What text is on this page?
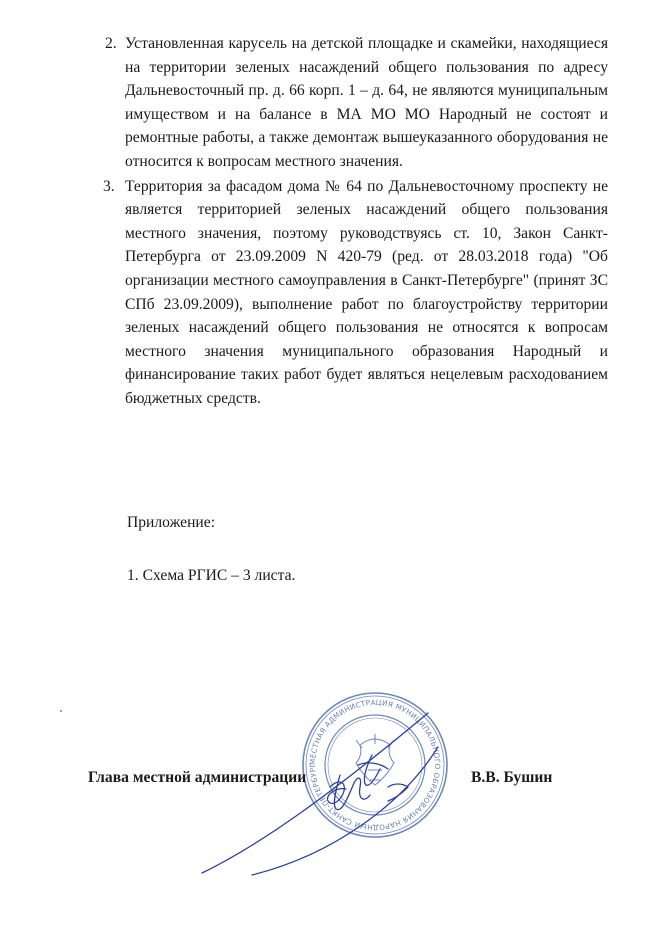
2. Установленная карусель на детской площадке и скамейки, находящиеся на территории зеленых насаждений общего пользования по адресу Дальневосточный пр. д. 66 корп. 1 – д. 64, не являются муниципальным имуществом и на балансе в МА МО МО Народный не состоят и ремонтные работы, а также демонтаж вышеуказанного оборудования не относится к вопросам местного значения.
3. Территория за фасадом дома № 64 по Дальневосточному проспекту не является территорией зеленых насаждений общего пользования местного значения, поэтому руководствуясь ст. 10, Закон Санкт-Петербурга от 23.09.2009 N 420-79 (ред. от 28.03.2018 года) "Об организации местного самоуправления в Санкт-Петербурге" (принят ЗС СПб 23.09.2009), выполнение работ по благоустройству территории зеленых насаждений общего пользования не относятся к вопросам местного значения муниципального образования Народный и финансирование таких работ будет являться нецелевым расходованием бюджетных средств.
Приложение:
1. Схема РГИС – 3 листа.
МЕСТНАЯ АДМИНИСТРАЦИЯ МУНИЦИПАЛЬНОГО ОБРАЗОВАНИЯ НАРОДНЫЙ САНКТ-ПЕТЕРБУРГ
Глава местной администрации	В.В. Бушин
